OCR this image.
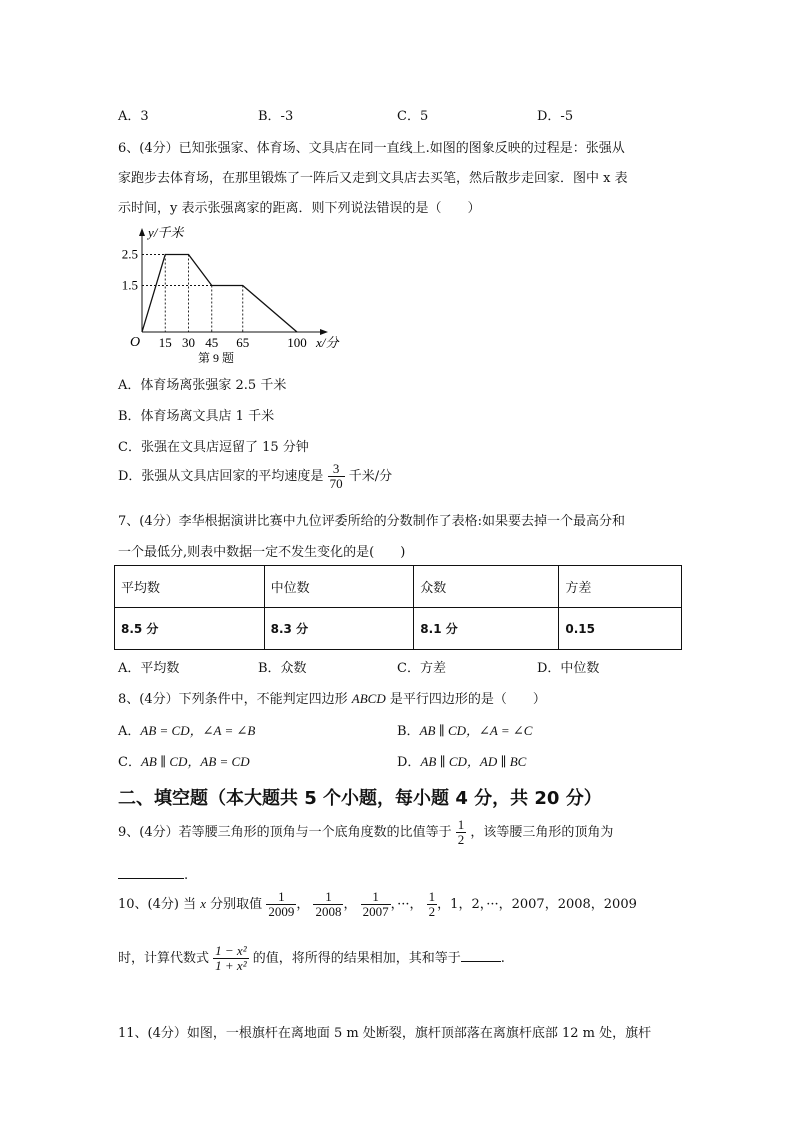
A．3	B．-3	C．5	D．-5
6、(4分）已知张强家、体育场、文具店在同一直线上.如图的图象反映的过程是：张强从
家跑步去体育场，在那里锻炼了一阵后又走到文具店去买笔，然后散步走回家．图中 x 表
示时间，y 表示张强离家的距离．则下列说法错误的是（　　）
15 30 45 65	100
2.5
1.5
O
y/千米
x/分
第 9 题
A．体育场离张强家 2.5 千米
B．体育场离文具店 1 千米
C．张强在文具店逗留了 15 分钟
D．张强从文具店回家的平均速度是 $\frac{3}{70}$ 千米/分
7、(4分）李华根据演讲比赛中九位评委所给的分数制作了表格:如果要去掉一个最高分和
一个最低分,则表中数据一定不发生变化的是(　　)
平均数	中位数	众数	方差
8.5 分	8.3 分	8.1 分	0.15
A．平均数	B．众数	C．方差	D．中位数
8、(4分）下列条件中，不能判定四边形 ABCD 是平行四边形的是（　　）
A．AB = CD，∠A = ∠B	B．AB ∥ CD，∠A = ∠C
C．AB ∥ CD，AB = CD	D．AB ∥ CD，AD ∥ BC
二、填空题（本大题共 5 个小题，每小题 4 分，共 20 分）
9、(4分）若等腰三角形的顶角与一个底角度数的比值等于 $\frac{1}{2}$ ，该等腰三角形的顶角为
.
10、(4分) 当 x 分别取值 $\frac{1}{2009}$ ， $\frac{1}{2008}$ ， $\frac{1}{2007}$ ，···， $\frac{1}{2}$ ，1，2，···，2007，2008，2009
时，计算代数式 $\frac{\text{1 − x²}}{\text{1 + x²}}$ 的值，将所得的结果相加，其和等于	.
11、(4分）如图，一根旗杆在离地面 5 m 处断裂，旗杆顶部落在离旗杆底部 12 m 处，旗杆
